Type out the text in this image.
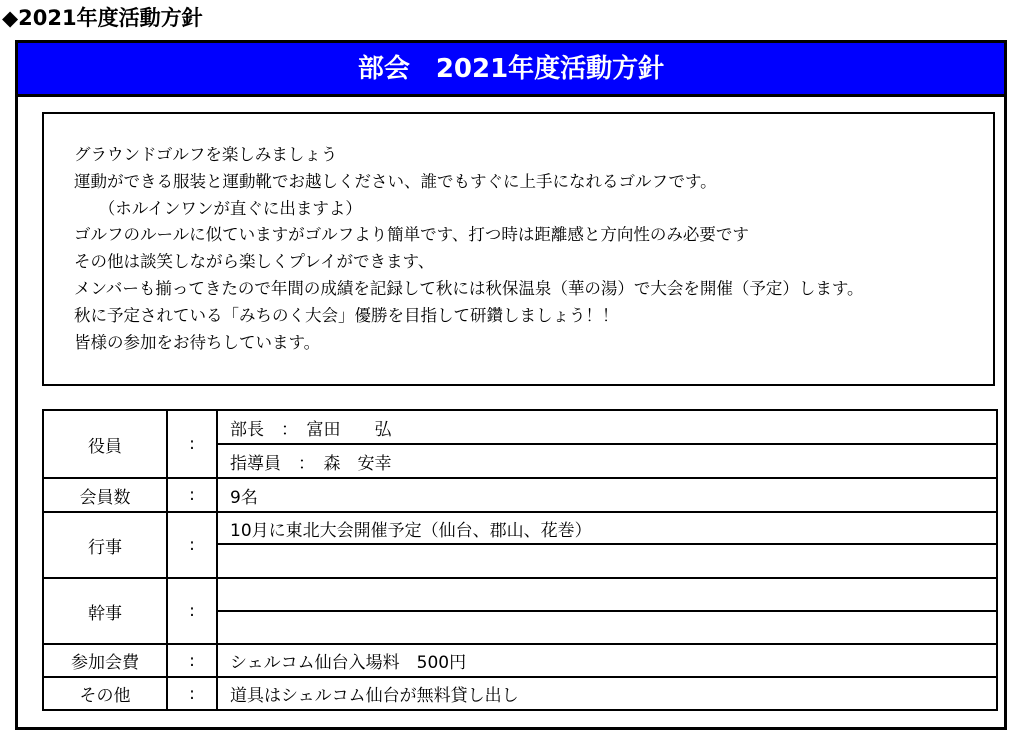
◆2021年度活動方針
部会　2021年度活動方針
グラウンドゴルフを楽しみましょう
運動ができる服装と運動靴でお越しください、誰でもすぐに上手になれるゴルフです。
　　（ホルインワンが直ぐに出ますよ）
ゴルフのルールに似ていますがゴルフより簡単です、打つ時は距離感と方向性のみ必要です
その他は談笑しながら楽しくプレイができます、
メンバーも揃ってきたので年間の成績を記録して秋には秋保温泉（華の湯）で大会を開催（予定）します。
秋に予定されている「みちのく大会」優勝を目指して研鑽しましょう！！
皆様の参加をお待ちしています。
役員	:	部長　：　富田　　弘
		指導員　：　森　安幸
会員数	:	9名
行事	:	10月に東北大会開催予定（仙台、郡山、花巻）

幹事	:	

参加会費	:	シェルコム仙台入場料　500円
その他	:	道具はシェルコム仙台が無料貸し出し
